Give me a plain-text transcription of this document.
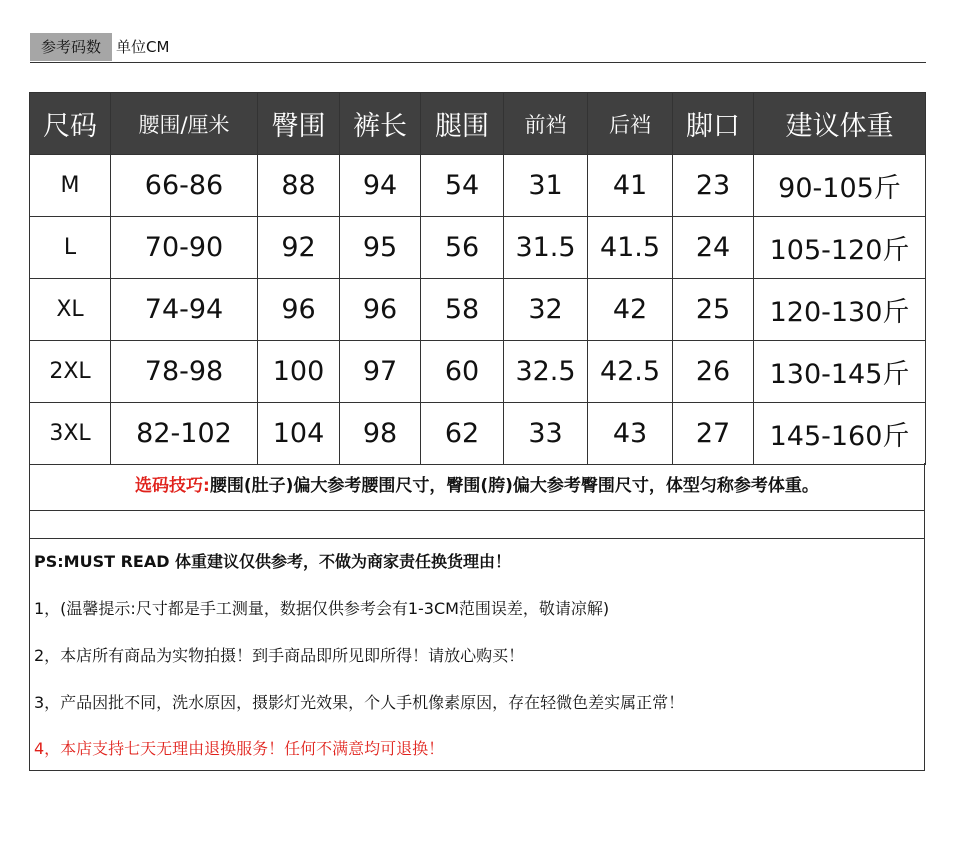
参考码数	单位CM
尺码	腰围/厘米	臀围	裤长	腿围	前裆	后裆	脚口	建议体重
M	66-86	88	94	54	31	41	23	90-105斤
L	70-90	92	95	56	31.5	41.5	24	105-120斤
XL	74-94	96	96	58	32	42	25	120-130斤
2XL	78-98	100	97	60	32.5	42.5	26	130-145斤
3XL	82-102	104	98	62	33	43	27	145-160斤
选码技巧:腰围(肚子)偏大参考腰围尺寸，臀围(胯)偏大参考臀围尺寸，体型匀称参考体重。
PS:MUST READ 体重建议仅供参考，不做为商家责任换货理由！
1，(温馨提示:尺寸都是手工测量，数据仅供参考会有1-3CM范围误差，敬请凉解)
2，本店所有商品为实物拍摄！到手商品即所见即所得！请放心购买！
3，产品因批不同，洗水原因，摄影灯光效果，个人手机像素原因，存在轻微色差实属正常！
4，本店支持七天无理由退换服务！任何不满意均可退换！
